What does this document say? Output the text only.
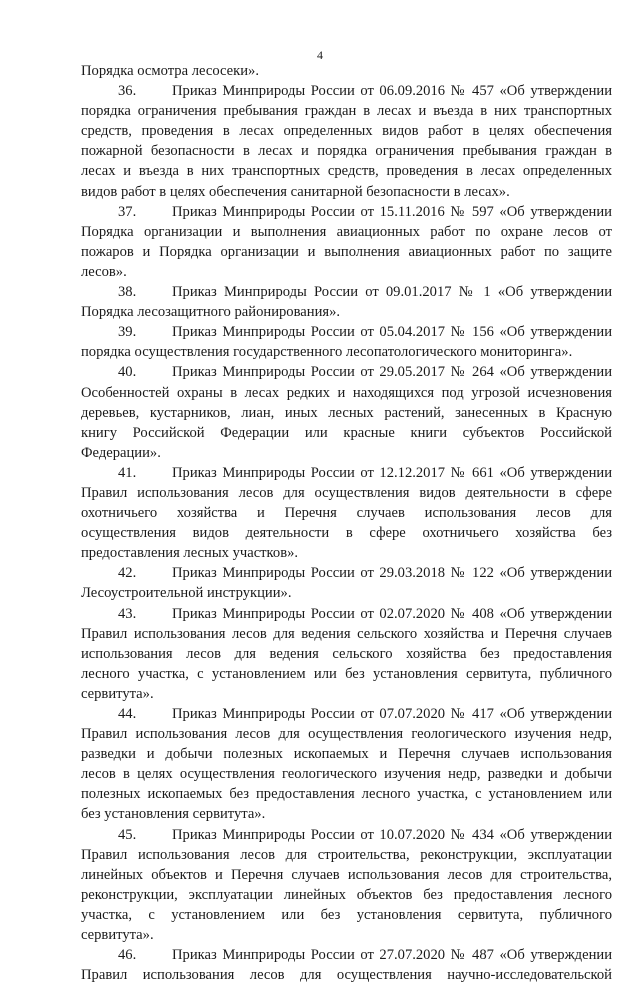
4
Порядка осмотра лесосеки».
36. Приказ Минприроды России от 06.09.2016 № 457 «Об утверждении
порядка ограничения пребывания граждан в лесах и въезда в них транспортных
средств, проведения в лесах определенных видов работ в целях обеспечения
пожарной безопасности в лесах и порядка ограничения пребывания граждан в
лесах и въезда в них транспортных средств, проведения в лесах определенных
видов работ в целях обеспечения санитарной безопасности в лесах».
37. Приказ Минприроды России от 15.11.2016 № 597 «Об утверждении
Порядка организации и выполнения авиационных работ по охране лесов от
пожаров и Порядка организации и выполнения авиационных работ по защите
лесов».
38. Приказ Минприроды России от 09.01.2017 № 1 «Об утверждении
Порядка лесозащитного районирования».
39. Приказ Минприроды России от 05.04.2017 № 156 «Об утверждении
порядка осуществления государственного лесопатологического мониторинга».
40. Приказ Минприроды России от 29.05.2017 № 264 «Об утверждении
Особенностей охраны в лесах редких и находящихся под угрозой исчезновения
деревьев, кустарников, лиан, иных лесных растений, занесенных в Красную
книгу Российской Федерации или красные книги субъектов Российской
Федерации».
41. Приказ Минприроды России от 12.12.2017 № 661 «Об утверждении
Правил использования лесов для осуществления видов деятельности в сфере
охотничьего хозяйства и Перечня случаев использования лесов для
осуществления видов деятельности в сфере охотничьего хозяйства без
предоставления лесных участков».
42. Приказ Минприроды России от 29.03.2018 № 122 «Об утверждении
Лесоустроительной инструкции».
43. Приказ Минприроды России от 02.07.2020 № 408 «Об утверждении
Правил использования лесов для ведения сельского хозяйства и Перечня случаев
использования лесов для ведения сельского хозяйства без предоставления
лесного участка, с установлением или без установления сервитута, публичного
сервитута».
44. Приказ Минприроды России от 07.07.2020 № 417 «Об утверждении
Правил использования лесов для осуществления геологического изучения недр,
разведки и добычи полезных ископаемых и Перечня случаев использования
лесов в целях осуществления геологического изучения недр, разведки и добычи
полезных ископаемых без предоставления лесного участка, с установлением или
без установления сервитута».
45. Приказ Минприроды России от 10.07.2020 № 434 «Об утверждении
Правил использования лесов для строительства, реконструкции, эксплуатации
линейных объектов и Перечня случаев использования лесов для строительства,
реконструкции, эксплуатации линейных объектов без предоставления лесного
участка, с установлением или без установления сервитута, публичного
сервитута».
46. Приказ Минприроды России от 27.07.2020 № 487 «Об утверждении
Правил использования лесов для осуществления научно-исследовательской
